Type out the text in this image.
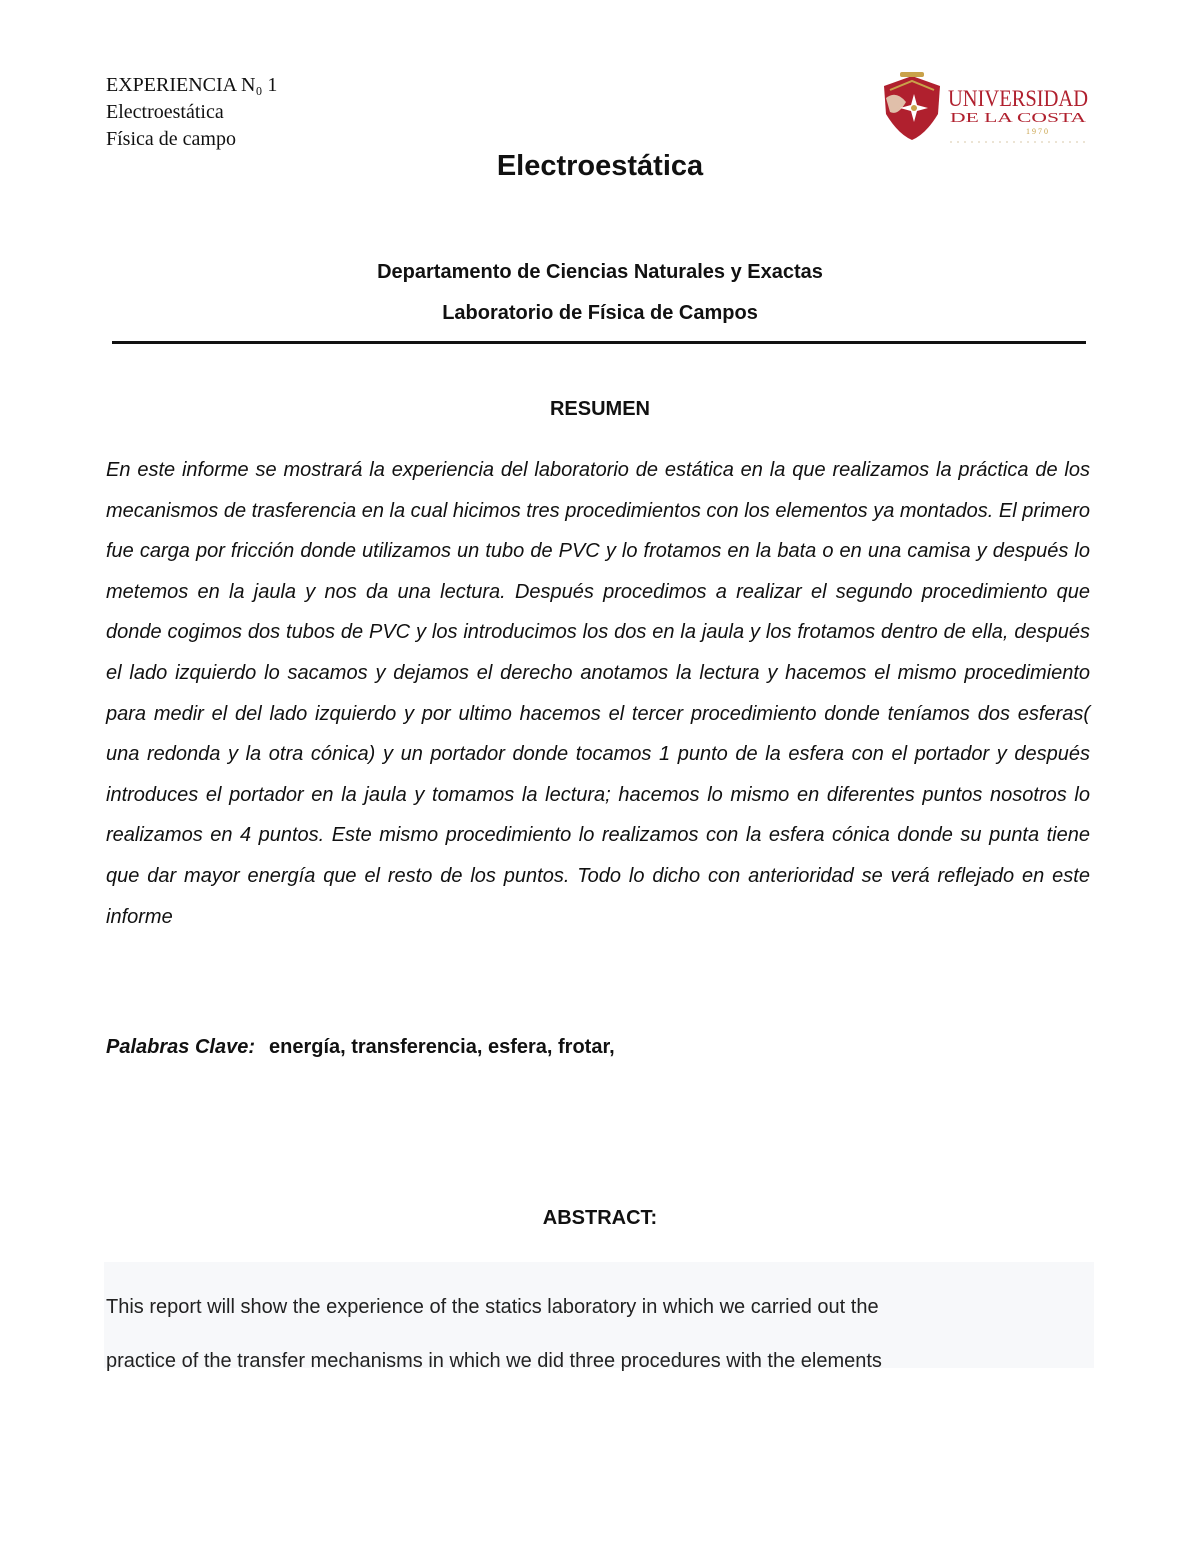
EXPERIENCIA N₀ 1
Electroestática
Física de campo
UNIVERSIDAD
DE LA COSTA
1970
Electroestática
Departamento de Ciencias Naturales y Exactas
Laboratorio de Física de Campos
RESUMEN
En este informe se mostrará la experiencia del laboratorio de estática en la que realizamos la práctica de los mecanismos de trasferencia en la cual hicimos tres procedimientos con los elementos ya montados. El primero fue carga por fricción donde utilizamos un tubo de PVC y lo frotamos en la bata o en una camisa y después lo metemos en la jaula y nos da una lectura. Después procedimos a realizar el segundo procedimiento que donde cogimos dos tubos de PVC y los introducimos los dos en la jaula y los frotamos dentro de ella, después el lado izquierdo lo sacamos y dejamos el derecho anotamos la lectura y hacemos el mismo procedimiento para medir el del lado izquierdo y por ultimo hacemos el tercer procedimiento donde teníamos dos esferas( una redonda y la otra cónica) y un portador donde tocamos 1 punto de la esfera con el portador y después introduces el portador en la jaula y tomamos la lectura; hacemos lo mismo en diferentes puntos nosotros lo realizamos en 4 puntos. Este mismo procedimiento lo realizamos con la esfera cónica donde su punta tiene que dar mayor energía que el resto de los puntos. Todo lo dicho con anterioridad se verá reflejado en este informe
Palabras Clave: energía, transferencia, esfera, frotar,
ABSTRACT:
This report will show the experience of the statics laboratory in which we carried out the
practice of the transfer mechanisms in which we did three procedures with the elements
